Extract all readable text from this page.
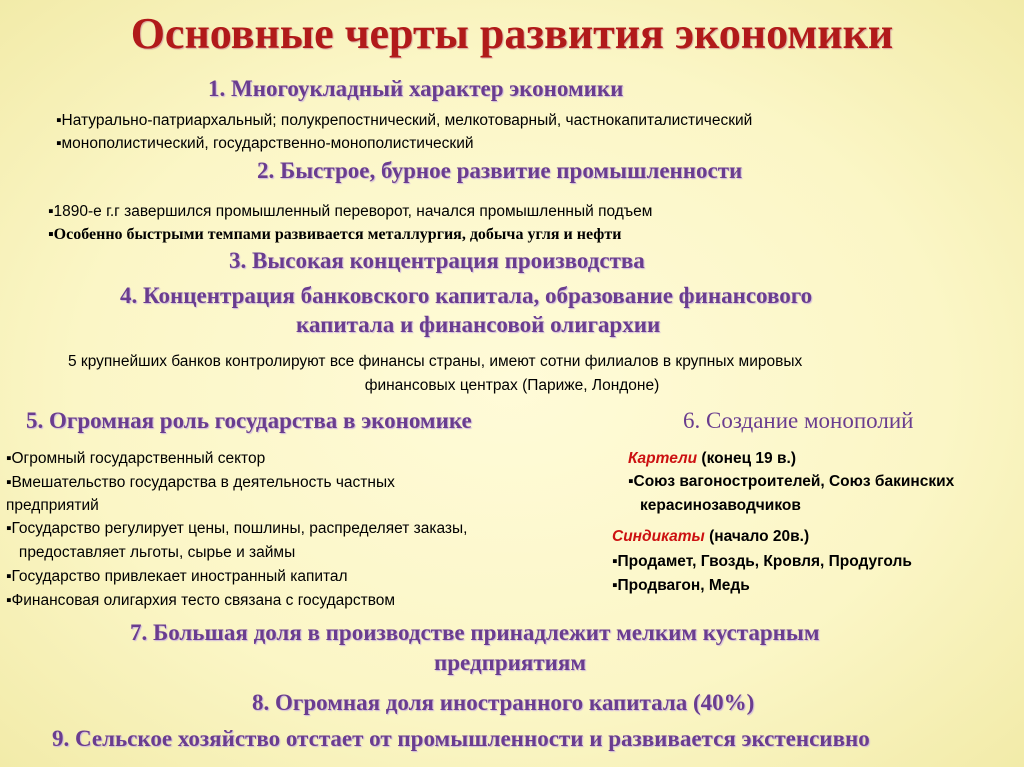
Основные черты развития экономики
1. Многоукладный характер экономики
▪Натурально-патриархальный; полукрепостнический, мелкотоварный, частнокапиталистический
▪монополистический, государственно-монополистический
2. Быстрое, бурное развитие промышленности
▪1890-е г.г завершился промышленный переворот, начался промышленный подъем
▪Особенно быстрыми темпами развивается металлургия, добыча угля и нефти
3. Высокая концентрация производства
4. Концентрация банковского капитала, образование финансового
капитала и финансовой олигархии
5 крупнейших банков контролируют все финансы страны, имеют сотни филиалов в крупных мировых
финансовых центрах (Париже, Лондоне)
5. Огромная роль государства в экономике
▪Огромный государственный сектор
▪Вмешательство государства в деятельность частных
предприятий
▪Государство регулирует цены, пошлины, распределяет заказы,
предоставляет льготы, сырье и займы
▪Государство привлекает иностранный капитал
▪Финансовая олигархия тесто связана с государством
6. Создание монополий
Картели (конец 19 в.)
▪Союз вагоностроителей, Союз бакинских
керасинозаводчиков
Синдикаты (начало 20в.)
▪Продамет, Гвоздь, Кровля, Продуголь
▪Продвагон, Медь
7. Большая доля в производстве принадлежит мелким кустарным
предприятиям
8. Огромная доля иностранного капитала (40%)
9. Сельское хозяйство отстает от промышленности и развивается экстенсивно
